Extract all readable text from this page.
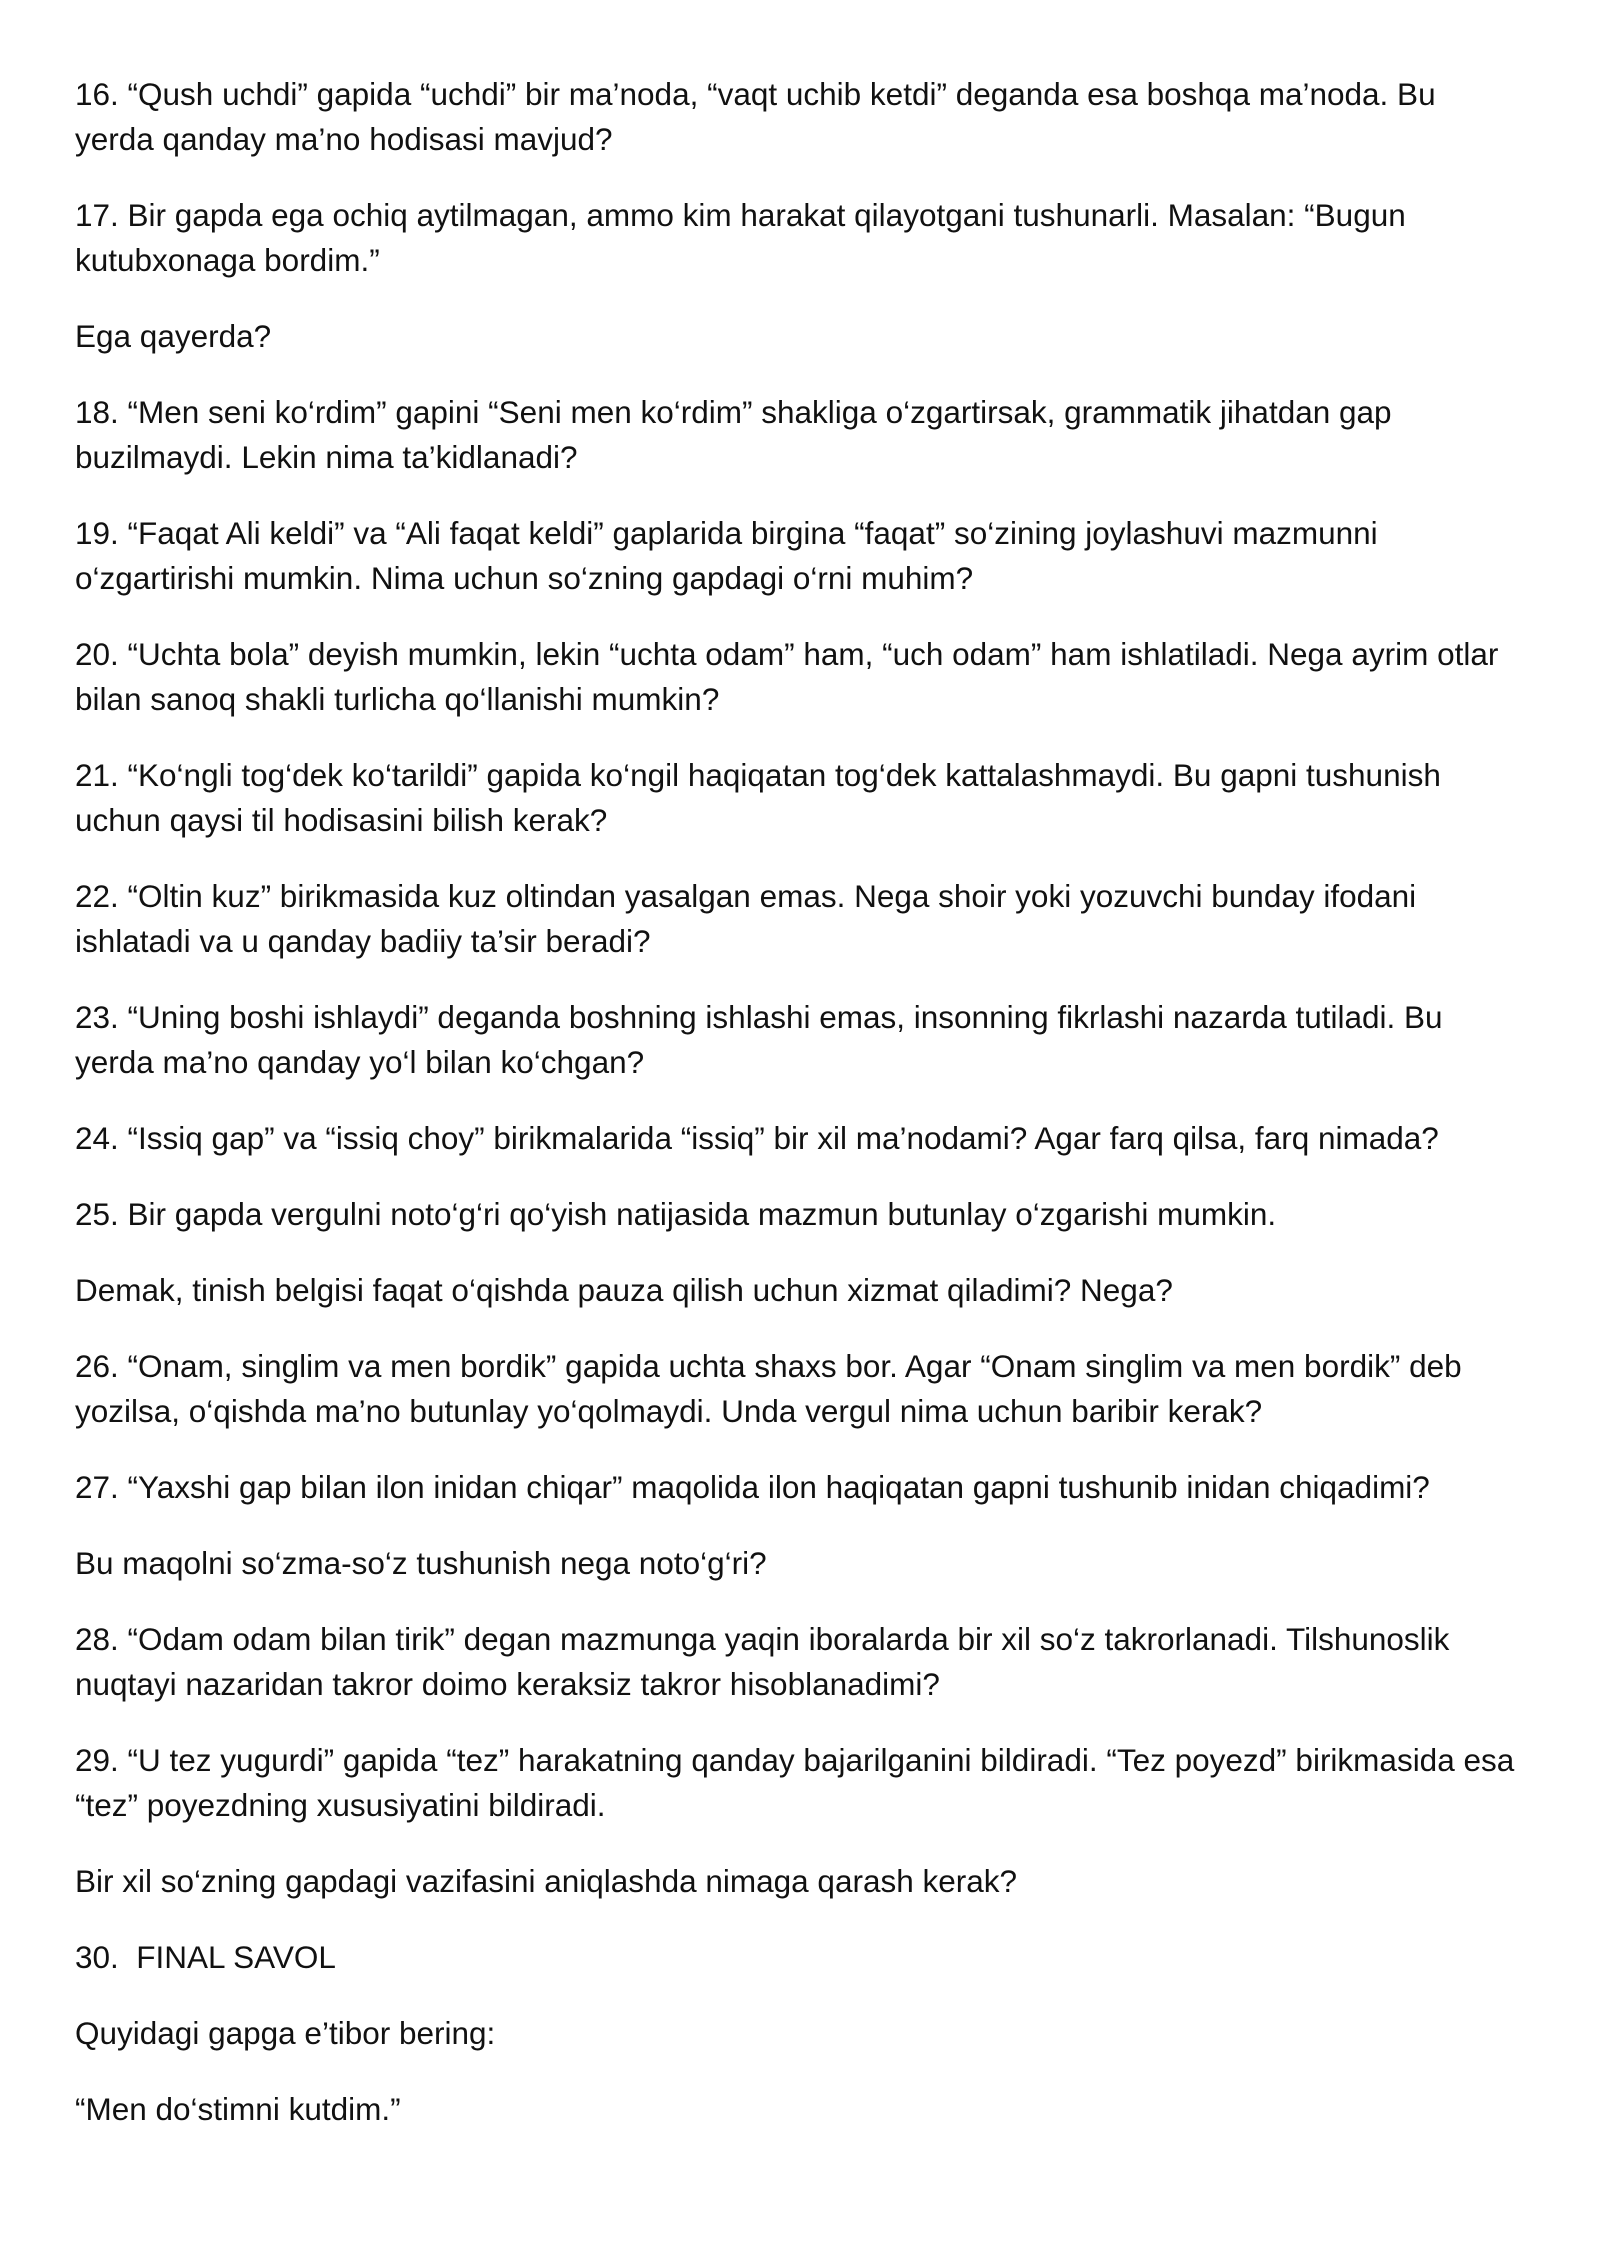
16. “Qush uchdi” gapida “uchdi” bir ma’noda, “vaqt uchib ketdi” deganda esa boshqa ma’noda. Bu yerda qanday ma’no hodisasi mavjud?

17. Bir gapda ega ochiq aytilmagan, ammo kim harakat qilayotgani tushunarli. Masalan: “Bugun kutubxonaga bordim.”

Ega qayerda?

18. “Men seni ko‘rdim” gapini “Seni men ko‘rdim” shakliga o‘zgartirsak, grammatik jihatdan gap buzilmaydi. Lekin nima ta’kidlanadi?

19. “Faqat Ali keldi” va “Ali faqat keldi” gaplarida birgina “faqat” so‘zining joylashuvi mazmunni o‘zgartirishi mumkin. Nima uchun so‘zning gapdagi o‘rni muhim?

20. “Uchta bola” deyish mumkin, lekin “uchta odam” ham, “uch odam” ham ishlatiladi. Nega ayrim otlar bilan sanoq shakli turlicha qo‘llanishi mumkin?

21. “Ko‘ngli tog‘dek ko‘tarildi” gapida ko‘ngil haqiqatan tog‘dek kattalashmaydi. Bu gapni tushunish uchun qaysi til hodisasini bilish kerak?

22. “Oltin kuz” birikmasida kuz oltindan yasalgan emas. Nega shoir yoki yozuvchi bunday ifodani ishlatadi va u qanday badiiy ta’sir beradi?

23. “Uning boshi ishlaydi” deganda boshning ishlashi emas, insonning fikrlashi nazarda tutiladi. Bu yerda ma’no qanday yo‘l bilan ko‘chgan?

24. “Issiq gap” va “issiq choy” birikmalarida “issiq” bir xil ma’nodami? Agar farq qilsa, farq nimada?

25. Bir gapda vergulni noto‘g‘ri qo‘yish natijasida mazmun butunlay o‘zgarishi mumkin.

Demak, tinish belgisi faqat o‘qishda pauza qilish uchun xizmat qiladimi? Nega?

26. “Onam, singlim va men bordik” gapida uchta shaxs bor. Agar “Onam singlim va men bordik” deb yozilsa, o‘qishda ma’no butunlay yo‘qolmaydi. Unda vergul nima uchun baribir kerak?

27. “Yaxshi gap bilan ilon inidan chiqar” maqolida ilon haqiqatan gapni tushunib inidan chiqadimi?

Bu maqolni so‘zma-so‘z tushunish nega noto‘g‘ri?

28. “Odam odam bilan tirik” degan mazmunga yaqin iboralarda bir xil so‘z takrorlanadi. Tilshunoslik nuqtayi nazaridan takror doimo keraksiz takror hisoblanadimi?

29. “U tez yugurdi” gapida “tez” harakatning qanday bajarilganini bildiradi. “Tez poyezd” birikmasida esa “tez” poyezdning xususiyatini bildiradi.

Bir xil so‘zning gapdagi vazifasini aniqlashda nimaga qarash kerak?

30.  FINAL SAVOL

Quyidagi gapga e’tibor bering:

“Men do‘stimni kutdim.”
